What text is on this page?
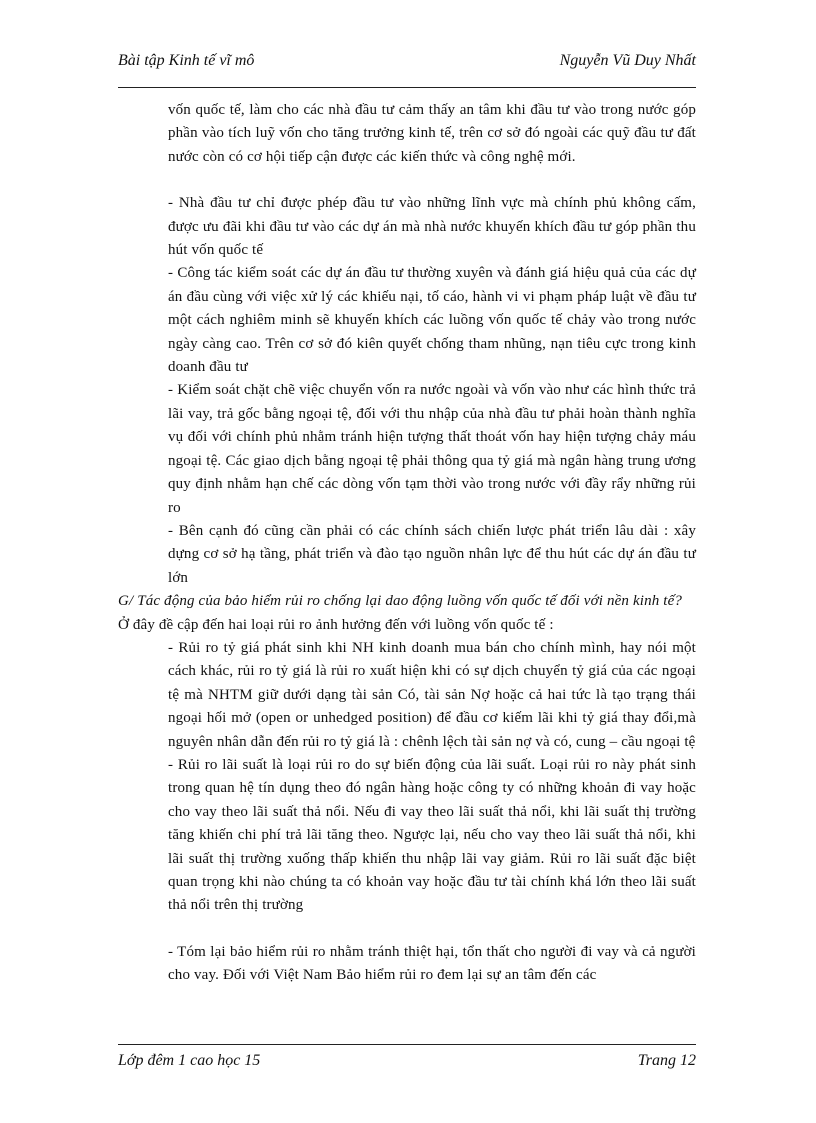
Bài tập Kinh tế vĩ mô	Nguyễn Vũ Duy Nhất

vốn quốc tế, làm cho các nhà đầu tư cảm thấy an tâm khi đầu tư vào trong nước góp phần vào tích luỹ vốn cho tăng trưởng kinh tế, trên cơ sở đó ngoài các quỹ đầu tư đất nước còn có cơ hội tiếp cận được các kiến thức và công nghệ mới.

- Nhà đầu tư chỉ được phép đầu tư vào những lĩnh vực mà chính phủ không cấm, được ưu đãi khi đầu tư vào các dự án mà nhà nước khuyến khích đầu tư góp phần thu hút vốn quốc tế

- Công tác kiểm soát các dự án đầu tư thường xuyên và đánh giá hiệu quả của các dự án đầu cùng với việc xử lý các khiếu nại, tố cáo, hành vi vi phạm pháp luật về đầu tư một cách nghiêm minh sẽ khuyến khích các luồng vốn quốc tế chảy vào trong nước ngày càng cao. Trên cơ sở đó kiên quyết chống tham nhũng, nạn tiêu cực trong kinh doanh đầu tư

- Kiểm soát chặt chẽ việc chuyển vốn ra nước ngoài và vốn vào như các hình thức trả lãi vay, trả gốc bằng ngoại tệ, đối với thu nhập của nhà đầu tư phải hoàn thành nghĩa vụ đối với chính phủ nhằm tránh hiện tượng thất thoát vốn hay hiện tượng chảy máu ngoại tệ. Các giao dịch bằng ngoại tệ phải thông qua tỷ giá mà ngân hàng trung ương quy định nhằm hạn chế các dòng vốn tạm thời vào trong nước với đầy rẩy những rủi ro

- Bên cạnh đó cũng cần phải có các chính sách chiến lược phát triển lâu dài : xây dựng cơ sở hạ tầng, phát triển và đào tạo nguồn nhân lực để thu hút các dự án đầu tư lớn

G/ Tác động của bảo hiểm rủi ro chống lại dao động luồng vốn quốc tế đối với nền kinh tế?

Ở đây đề cập đến hai loại rủi ro ảnh hưởng đến với luồng vốn quốc tế :

- Rủi ro tỷ giá phát sinh khi NH kinh doanh mua bán cho chính mình, hay nói một cách khác, rủi ro tỷ giá là rủi ro xuất hiện khi có sự dịch chuyển tỷ giá của các ngoại tệ mà NHTM giữ dưới dạng tài sản Có, tài sản Nợ hoặc cả hai tức là tạo trạng thái ngoại hối mở (open or unhedged position) để đầu cơ kiếm lãi khi tỷ giá thay đổi,mà nguyên nhân dẫn đến rủi ro tỷ giá là : chênh lệch tài sản nợ và có, cung – cầu ngoại tệ

- Rủi ro lãi suất là loại rủi ro do sự biến động của lãi suất. Loại rủi ro này phát sinh trong quan hệ tín dụng theo đó ngân hàng hoặc công ty có những khoản đi vay hoặc cho vay theo lãi suất thả nổi. Nếu đi vay theo lãi suất thả nổi, khi lãi suất thị trường tăng khiến chi phí trả lãi tăng theo. Ngược lại, nếu cho vay theo lãi suất thả nổi, khi lãi suất thị trường xuống thấp khiến thu nhập lãi vay giảm. Rủi ro lãi suất đặc biệt quan trọng khi nào chúng ta có khoản vay hoặc đầu tư tài chính khá lớn theo lãi suất thả nổi trên thị trường

- Tóm lại bảo hiểm rủi ro nhằm tránh thiệt hại, tổn thất cho người đi vay và cả người cho vay. Đối với Việt Nam Bảo hiểm rủi ro đem lại sự an tâm đến các

Lớp đêm 1 cao học 15	Trang 12
